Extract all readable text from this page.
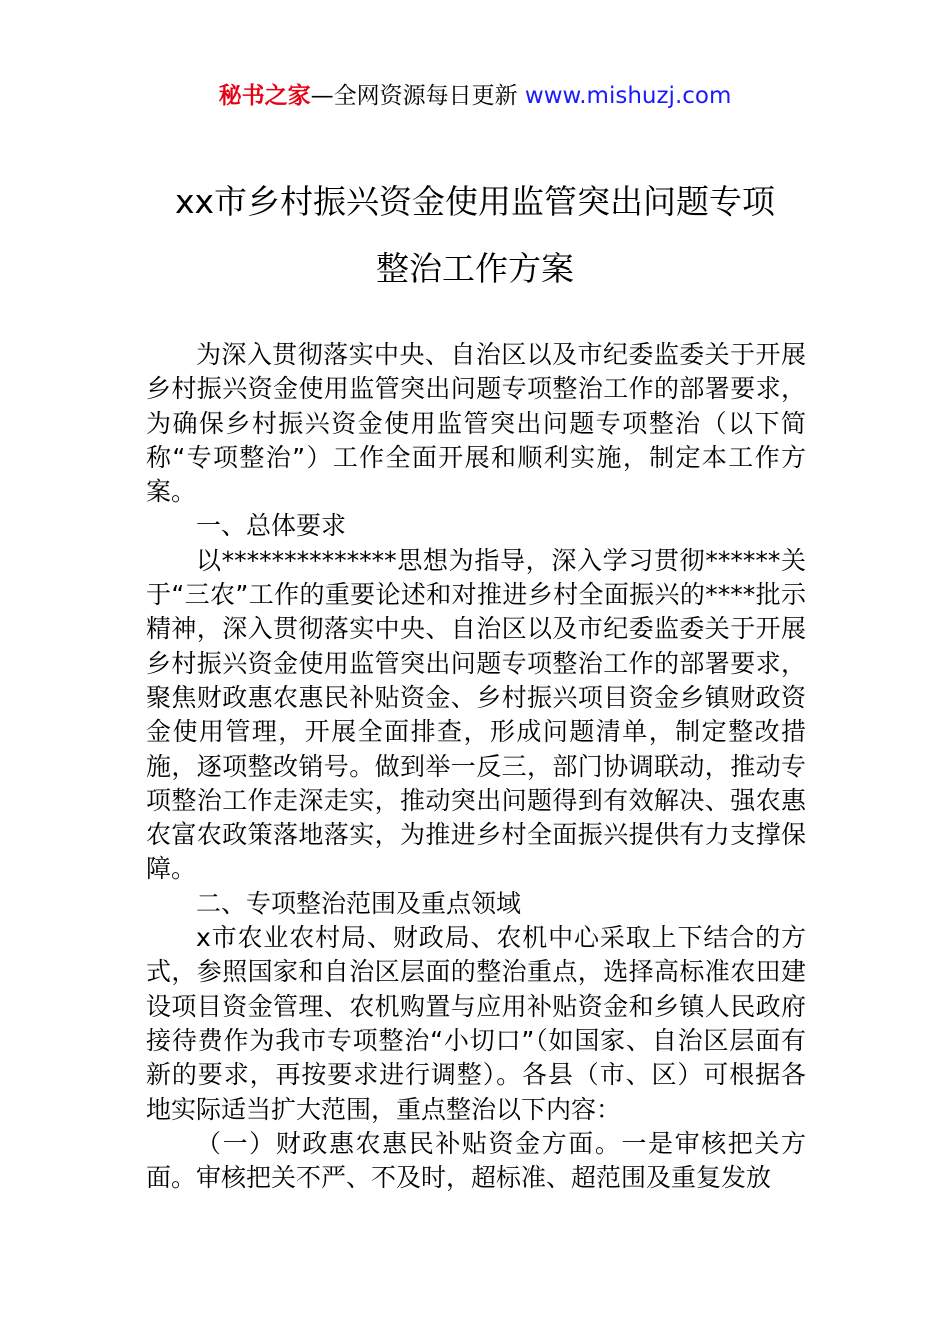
秘书之家—全网资源每日更新 www.mishuzj.com
xx市乡村振兴资金使用监管突出问题专项
整治工作方案

为深入贯彻落实中央、自治区以及市纪委监委关于开展乡村振兴资金使用监管突出问题专项整治工作的部署要求，为确保乡村振兴资金使用监管突出问题专项整治（以下简称“专项整治”）工作全面开展和顺利实施，制定本工作方案。

一、总体要求

以**************思想为指导，深入学习贯彻******关于“三农”工作的重要论述和对推进乡村全面振兴的****批示精神，深入贯彻落实中央、自治区以及市纪委监委关于开展乡村振兴资金使用监管突出问题专项整治工作的部署要求，聚焦财政惠农惠民补贴资金、乡村振兴项目资金乡镇财政资金使用管理，开展全面排查，形成问题清单，制定整改措施，逐项整改销号。做到举一反三，部门协调联动，推动专项整治工作走深走实，推动突出问题得到有效解决、强农惠农富农政策落地落实，为推进乡村全面振兴提供有力支撑保障。

二、专项整治范围及重点领域

x市农业农村局、财政局、农机中心采取上下结合的方式，参照国家和自治区层面的整治重点，选择高标准农田建设项目资金管理、农机购置与应用补贴资金和乡镇人民政府接待费作为我市专项整治“小切口”（如国家、自治区层面有新的要求，再按要求进行调整）。各县（市、区）可根据各地实际适当扩大范围，重点整治以下内容：

（一）财政惠农惠民补贴资金方面。一是审核把关方面。审核把关不严、不及时，超标准、超范围及重复发放
